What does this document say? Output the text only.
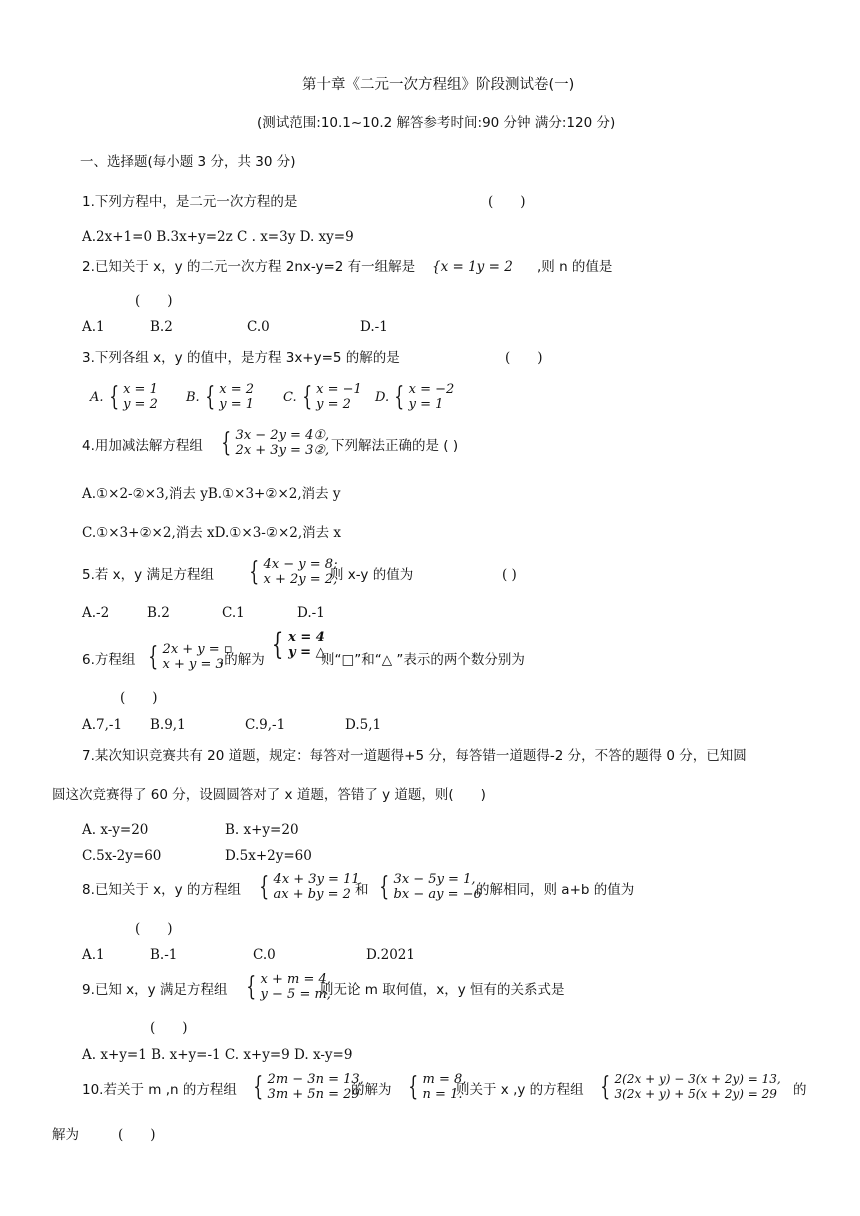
第十章《二元一次方程组》阶段测试卷(一)
(测试范围:10.1~10.2 解答参考时间:90 分钟 满分:120 分)
一、选择题(每小题 3 分，共 30 分)
1.下列方程中，是二元一次方程的是	(　　)
A.2x+1=0 B.3x+y=2z C . x=3y D. xy=9
2.已知关于 x，y 的二元一次方程 2nx-y=2 有一组解是 {𝑥 = 1𝑦 = 2 ,则 n 的值是
(　　)
A.1	B.2	C.0	D.-1
3.下列各组 x，y 的值中，是方程 3x+y=5 的解的是	(　　)
A. { 𝑥 = 1
𝑦 = 2 B. { 𝑥 = 2
𝑦 = 1 C. { 𝑥 = −1
𝑦 = 2	D. { 𝑥 = −2
𝑦 = 1
4.用加减法解方程组 { 3𝑥 − 2𝑦 = 4①,
2𝑥 + 3𝑦 = 3②, 下列解法正确的是 ( )
A.①×2-②×3,消去 yB.①×3+②×2,消去 y
C.①×3+②×2,消去 xD.①×3-②×2,消去 x
5.若 x，y 满足方程组 { 4𝑥 − 𝑦 = 8;
𝑥 + 2𝑦 = 2,
则 x-y 的值为	( )
A.-2	B.2	C.1	D.-1
6.方程组 { 2𝑥 + 𝑦 = ▫
𝑥 + 𝑦 = 3
,的解为 { 𝒙 = 4
𝒚 = △
则“□”和“△ ”表示的两个数分别为
(　　)
A.7,-1 B.9,1	C.9,-1	D.5,1
7.某次知识竞赛共有 20 道题，规定：每答对一道题得+5 分，每答错一道题得-2 分，不答的题得 0 分，已知圆
圆这次竞赛得了 60 分，设圆圆答对了 x 道题，答错了 y 道题，则(　　)
A. x-y=20	B. x+y=20
C.5x-2y=60	D.5x+2y=60
8.已知关于 x，y 的方程组 { 4𝑥 + 3𝑦 = 11
𝑎𝑥 + 𝑏𝑦 = 2 和 { 3𝑥 − 5𝑦 = 1,
𝑏𝑥 − 𝑎𝑦 = −6
的解相同，则 a+b 的值为
(　　)
A.1	B.-1	C.0	D.2021
9.已知 x，y 满足方程组 { 𝑥 + 𝑚 = 4,
𝑦 − 5 = 𝑚,
则无论 m 取何值，x，y 恒有的关系式是
(　　)
A. x+y=1 B. x+y=-1 C. x+y=9 D. x-y=9
10.若关于 m ,n 的方程组 { 2𝑚 − 3𝑛 = 13,
3𝑚 + 5𝑛 = 29
的解为 { 𝑚 = 8,
𝑛 = 1.
则关于 x ,y 的方程组 { 2(2𝑥 + 𝑦) − 3(𝑥 + 2𝑦) = 13,
3(2𝑥 + 𝑦) + 5(𝑥 + 2𝑦) = 29 的
解为	(　　)
